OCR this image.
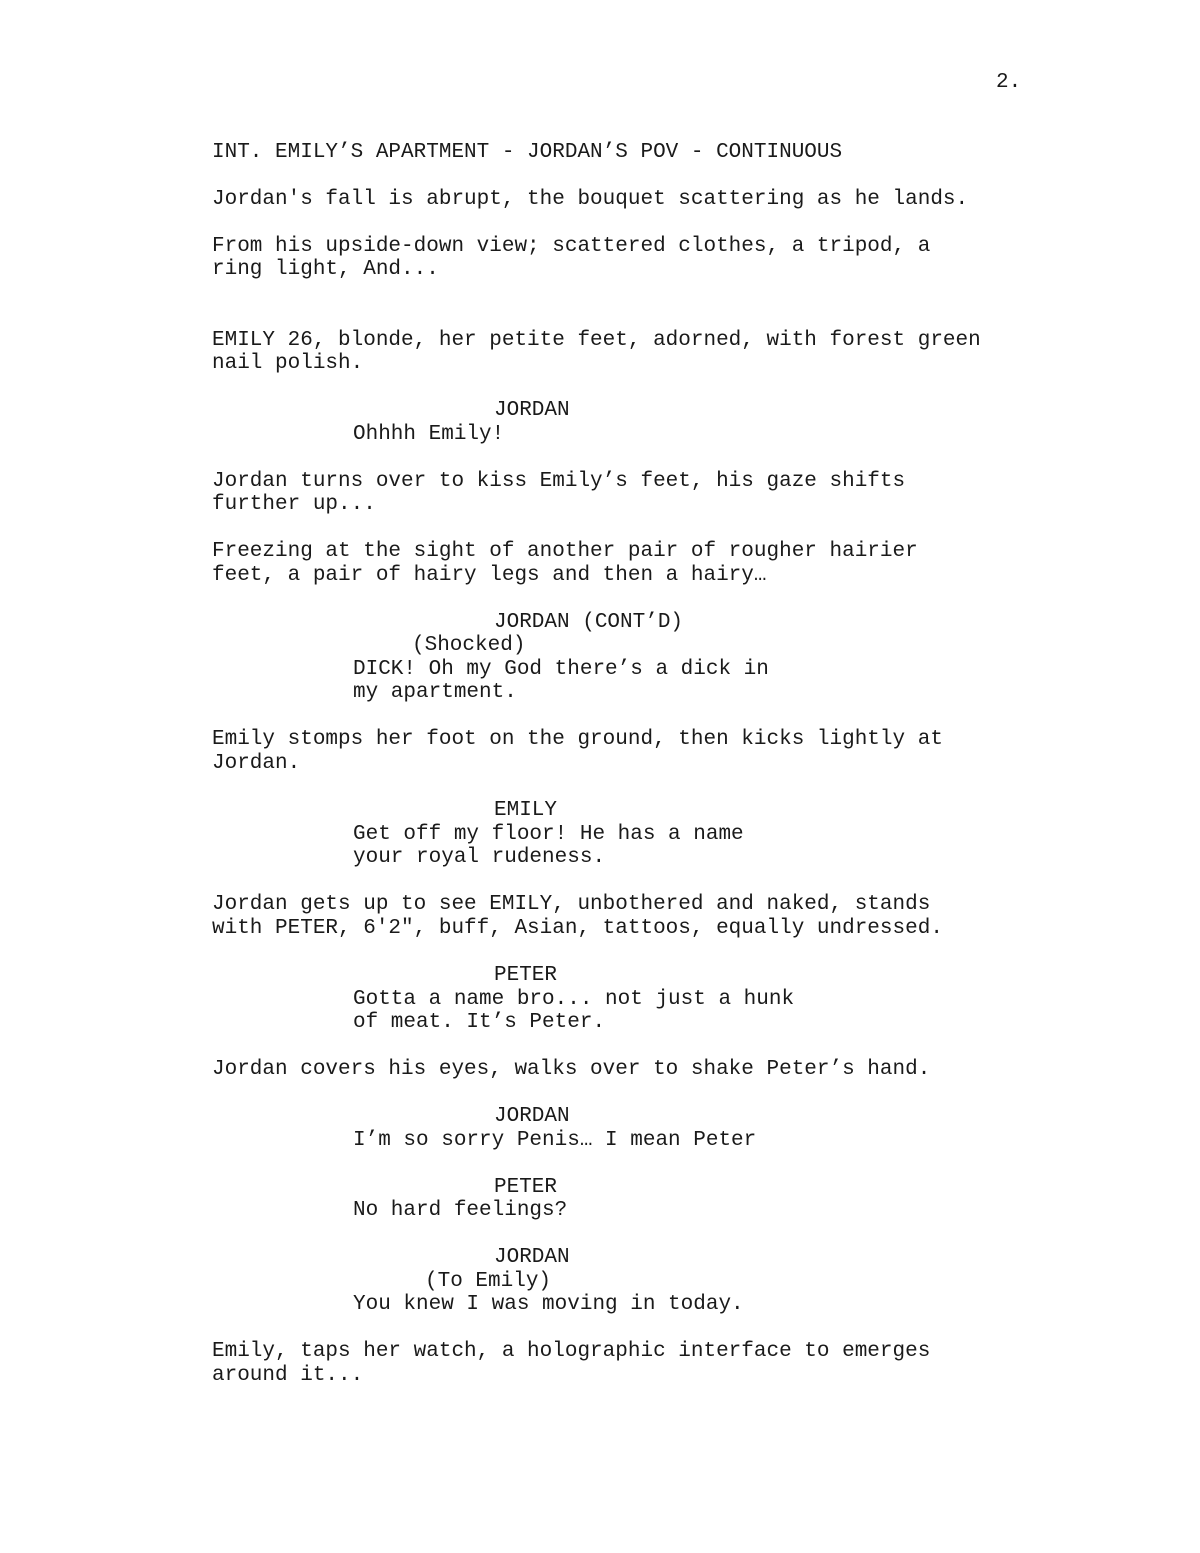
2.

INT. EMILY’S APARTMENT - JORDAN’S POV - CONTINUOUS

Jordan's fall is abrupt, the bouquet scattering as he lands.

From his upside-down view; scattered clothes, a tripod, a

ring light, And...

EMILY 26, blonde, her petite feet, adorned, with forest green

nail polish.

JORDAN

Ohhhh Emily!

Jordan turns over to kiss Emily’s feet, his gaze shifts

further up...

Freezing at the sight of another pair of rougher hairier

feet, a pair of hairy legs and then a hairy…

JORDAN (CONT’D)

(Shocked)

DICK! Oh my God there’s a dick in

my apartment.

Emily stomps her foot on the ground, then kicks lightly at

Jordan.

EMILY

Get off my floor! He has a name

your royal rudeness.

Jordan gets up to see EMILY, unbothered and naked, stands

with PETER, 6'2", buff, Asian, tattoos, equally undressed.

PETER

Gotta a name bro... not just a hunk

of meat. It’s Peter.

Jordan covers his eyes, walks over to shake Peter’s hand.

JORDAN

I’m so sorry Penis… I mean Peter

PETER

No hard feelings?

JORDAN

(To Emily)

You knew I was moving in today.

Emily, taps her watch, a holographic interface to emerges

around it...
